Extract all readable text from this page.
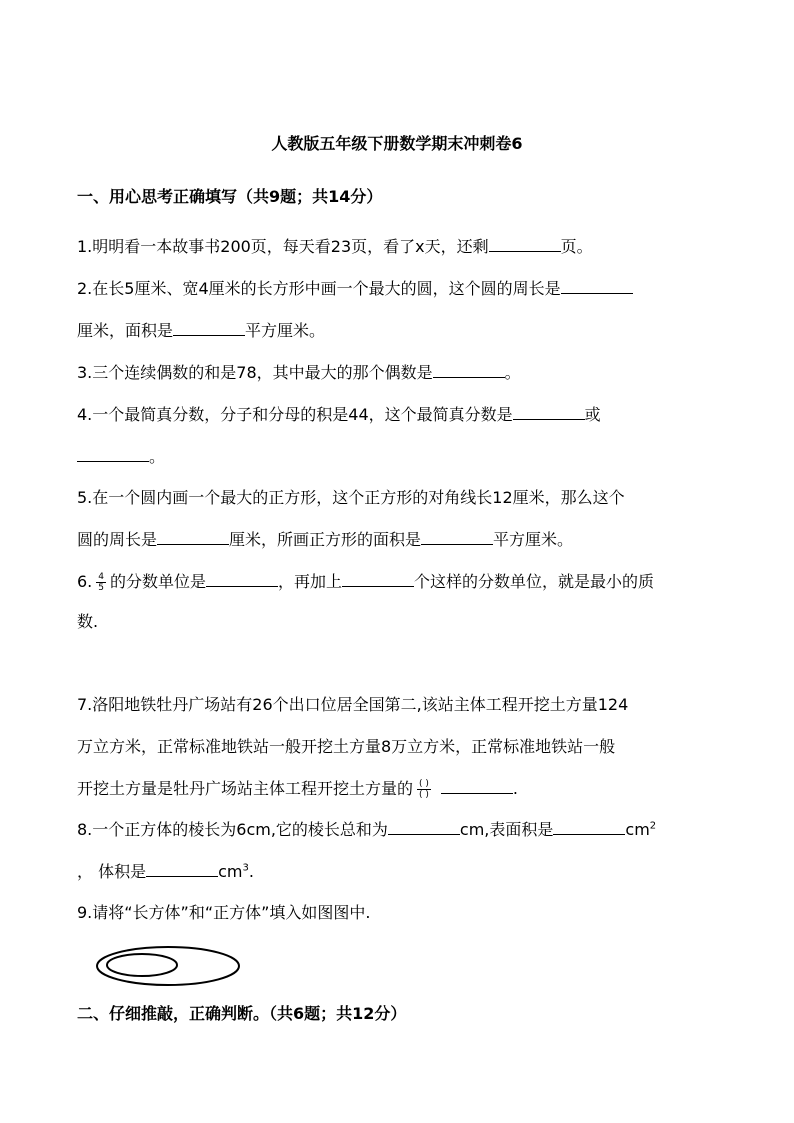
人教版五年级下册数学期末冲刺卷6
一、用心思考正确填写（共9题；共14分）
1.明明看一本故事书200页，每天看23页，看了x天，还剩	页。
2.在长5厘米、宽4厘米的长方形中画一个最大的圆，这个圆的周长是
厘米，面积是	平方厘米。
3.三个连续偶数的和是78，其中最大的那个偶数是	。
4.一个最简真分数，分子和分母的积是44，这个最简真分数是	或
。
5.在一个圆内画一个最大的正方形，这个正方形的对角线长12厘米，那么这个
圆的周长是	厘米，所画正方形的面积是	平方厘米。
6. $\frac{4}{5}$ 的分数单位是	，再加上	个这样的分数单位，就是最小的质
数.
7.洛阳地铁牡丹广场站有26个出口位居全国第二,该站主体工程开挖土方量124
万立方米，正常标准地铁站一般开挖土方量8万立方米，正常标准地铁站一般
开挖土方量是牡丹广场站主体工程开挖土方量的 $\frac{( )}{( )}$	.
8.一个正方体的棱长为6cm,它的棱长总和为	cm,表面积是	$cm^2$
， 体积是	$cm^3$.
9.请将“长方体”和“正方体”填入如图图中.
二、仔细推敲，正确判断。（共6题；共12分）
